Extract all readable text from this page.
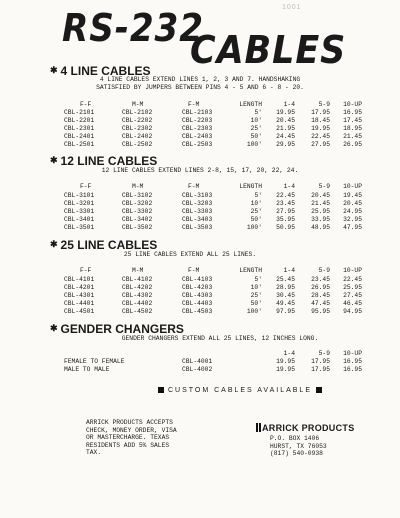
1001
RS-232
CABLES
✱ 4 LINE CABLES
4 LINE CABLES EXTEND LINES 1, 2, 3 AND 7. HANDSHAKING
SATISFIED BY JUMPERS BETWEEN PINS 4 - 5 AND 6 - 8 - 20.
F-F	M-M	F-M	LENGTH	1-4	5-9 10-UP
CBL-2101	CBL-2102	CBL-2103	5' 19.95	17.95 16.95
CBL-2201	CBL-2202	CBL-2203	10' 20.45	18.45 17.45
CBL-2301	CBL-2302	CBL-2303	25' 21.95	19.95 18.95
CBL-2401	CBL-2402	CBL-2403	50' 24.45	22.45 21.45
CBL-2501	CBL-2502	CBL-2503	100' 29.95	27.95 26.95
✱ 12 LINE CABLES
12 LINE CABLES EXTEND LINES 2-8, 15, 17, 20, 22, 24.
F-F	M-M	F-M	LENGTH	1-4	5-9 10-UP
CBL-3101	CBL-3102	CBL-3103	5' 22.45	20.45 19.45
CBL-3201	CBL-3202	CBL-3203	10' 23.45	21.45 20.45
CBL-3301	CBL-3302	CBL-3303	25' 27.95	25.95 24.95
CBL-3401	CBL-3402	CBL-3403	50' 35.95	33.95 32.95
CBL-3501	CBL-3502	CBL-3503	100' 50.95	48.95 47.95
✱ 25 LINE CABLES
25 LINE CABLES EXTEND ALL 25 LINES.
F-F	M-M	F-M	LENGTH	1-4	5-9 10-UP
CBL-4101	CBL-4102	CBL-4103	5' 25.45	23.45 22.45
CBL-4201	CBL-4202	CBL-4203	10' 28.95	26.95 25.95
CBL-4301	CBL-4302	CBL-4303	25' 30.45	28.45 27.45
CBL-4401	CBL-4402	CBL-4403	50' 49.45	47.45 46.45
CBL-4501	CBL-4502	CBL-4503	100' 97.95	95.95 94.95
✱ GENDER CHANGERS
GENDER CHANGERS EXTEND ALL 25 LINES, 12 INCHES LONG.
1-4	5-9 10-UP
FEMALE TO FEMALE	CBL-4001	19.95	17.95 16.95
MALE TO MALE	CBL-4002	19.95	17.95 16.95
CUSTOM CABLES AVAILABLE
ARRICK PRODUCTS ACCEPTS
CHECK, MONEY ORDER, VISA
OR MASTERCHARGE. TEXAS
RESIDENTS ADD 5% SALES
TAX.
ARRICK PRODUCTS
P.O. BOX 1406
HURST, TX 76053
(817) 540-0938
